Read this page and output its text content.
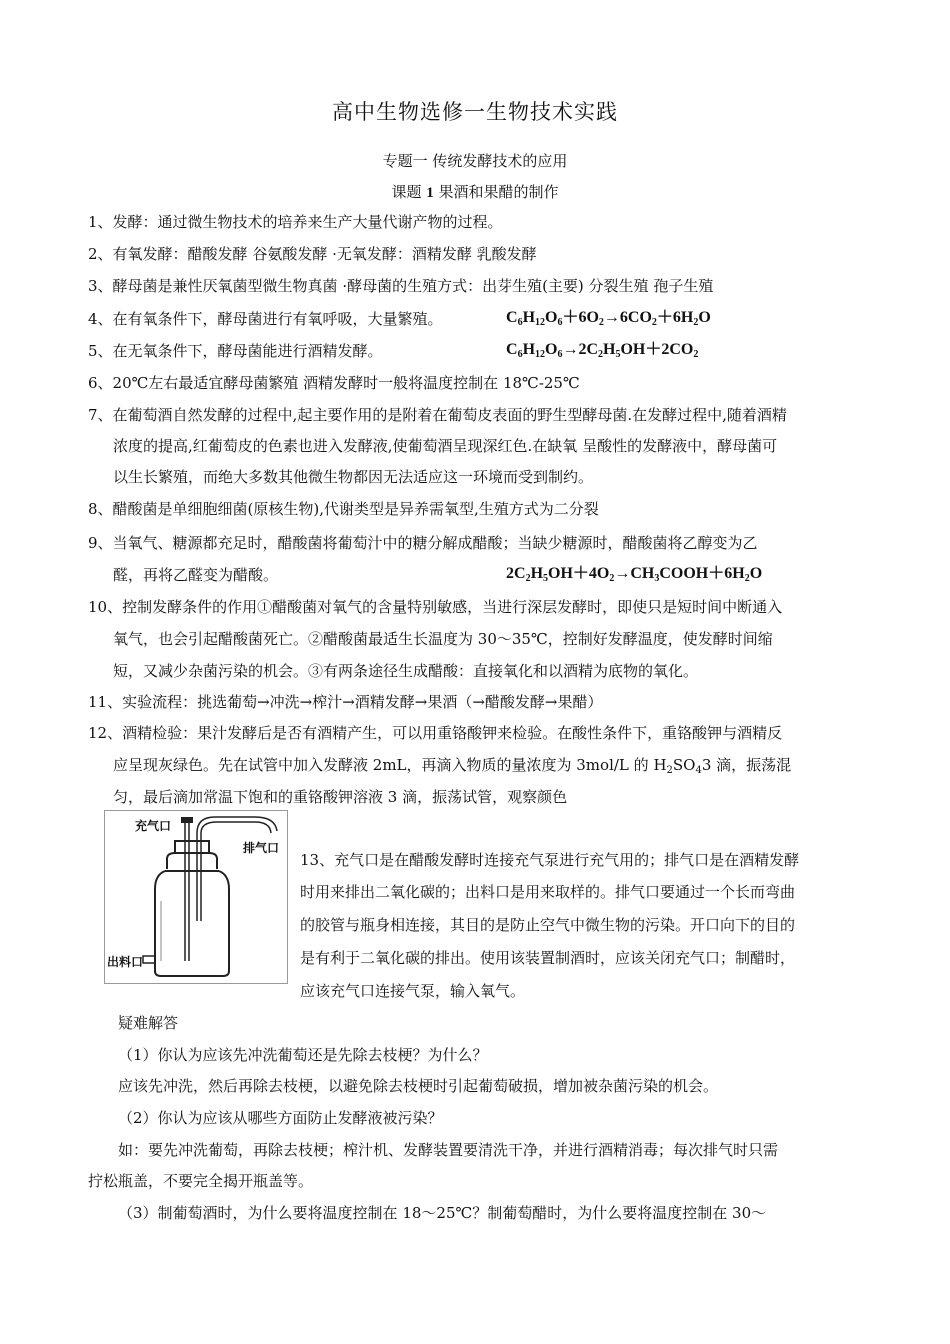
高中生物选修一生物技术实践
专题一 传统发酵技术的应用
课题 1 果酒和果醋的制作
1、发酵：通过微生物技术的培养来生产大量代谢产物的过程。
2、有氧发酵：醋酸发酵 谷氨酸发酵 ·无氧发酵：酒精发酵 乳酸发酵
3、酵母菌是兼性厌氧菌型微生物真菌 ·酵母菌的生殖方式：出芽生殖(主要) 分裂生殖 孢子生殖
4、在有氧条件下，酵母菌进行有氧呼吸，大量繁殖。	$C_6H_{12}O_6+6O_2\to 6CO_2+6H_2O$
5、在无氧条件下，酵母菌能进行酒精发酵。	$C_6H_{12}O_6\to 2C_2H_5OH+2CO_2$
6、20℃左右最适宜酵母菌繁殖 酒精发酵时一般将温度控制在 18℃-25℃
7、在葡萄酒自然发酵的过程中,起主要作用的是附着在葡萄皮表面的野生型酵母菌.在发酵过程中,随着酒精
浓度的提高,红葡萄皮的色素也进入发酵液,使葡萄酒呈现深红色.在缺氧 呈酸性的发酵液中，酵母菌可
以生长繁殖，而绝大多数其他微生物都因无法适应这一环境而受到制约。
8、醋酸菌是单细胞细菌(原核生物),代谢类型是异养需氧型,生殖方式为二分裂
9、当氧气、糖源都充足时，醋酸菌将葡萄汁中的糖分解成醋酸；当缺少糖源时，醋酸菌将乙醇变为乙
醛，再将乙醛变为醋酸。	$2C_2H_5OH+4O_2\to CH_3COOH+6H_2O$
10、控制发酵条件的作用①醋酸菌对氧气的含量特别敏感，当进行深层发酵时，即使只是短时间中断通入
氧气，也会引起醋酸菌死亡。②醋酸菌最适生长温度为 30～35℃，控制好发酵温度，使发酵时间缩
短，又减少杂菌污染的机会。③有两条途径生成醋酸：直接氧化和以酒精为底物的氧化。
11、实验流程：挑选葡萄→冲洗→榨汁→酒精发酵→果酒（→醋酸发酵→果醋）
12、酒精检验：果汁发酵后是否有酒精产生，可以用重铬酸钾来检验。在酸性条件下，重铬酸钾与酒精反
应呈现灰绿色。先在试管中加入发酵液 2mL，再滴入物质的量浓度为 3mol/L 的 $H_2SO_43$ 滴，振荡混
匀，最后滴加常温下饱和的重铬酸钾溶液 3 滴，振荡试管，观察颜色
充气口
排气口
出料口
13、充气口是在醋酸发酵时连接充气泵进行充气用的；排气口是在酒精发酵
时用来排出二氧化碳的；出料口是用来取样的。排气口要通过一个长而弯曲
的胶管与瓶身相连接，其目的是防止空气中微生物的污染。开口向下的目的
是有利于二氧化碳的排出。使用该装置制酒时，应该关闭充气口；制醋时，
应该充气口连接气泵，输入氧气。
疑难解答
（1）你认为应该先冲洗葡萄还是先除去枝梗？为什么？
应该先冲洗，然后再除去枝梗，以避免除去枝梗时引起葡萄破损，增加被杂菌污染的机会。
（2）你认为应该从哪些方面防止发酵液被污染？
如：要先冲洗葡萄，再除去枝梗；榨汁机、发酵装置要清洗干净，并进行酒精消毒；每次排气时只需
拧松瓶盖，不要完全揭开瓶盖等。
（3）制葡萄酒时，为什么要将温度控制在 18～25℃？制葡萄醋时，为什么要将温度控制在 30～
